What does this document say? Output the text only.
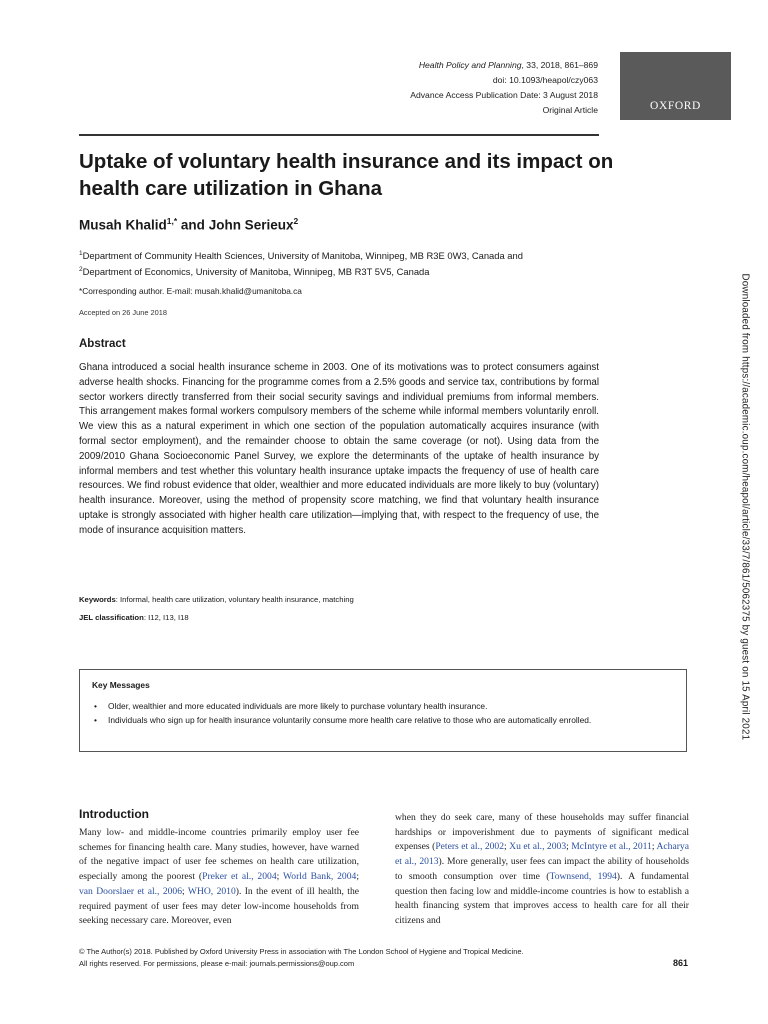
Health Policy and Planning, 33, 2018, 861–869
doi: 10.1093/heapol/czy063
Advance Access Publication Date: 3 August 2018
Original Article	OXFORD
Uptake of voluntary health insurance and its impact on health care utilization in Ghana
Musah Khalid$^{1,*}$ and John Serieux$^2$
$^1$Department of Community Health Sciences, University of Manitoba, Winnipeg, MB R3E 0W3, Canada and
$^2$Department of Economics, University of Manitoba, Winnipeg, MB R3T 5V5, Canada
*Corresponding author. E-mail: musah.khalid@umanitoba.ca
Accepted on 26 June 2018
Abstract
Ghana introduced a social health insurance scheme in 2003. One of its motivations was to protect consumers against adverse health shocks. Financing for the programme comes from a 2.5% goods and service tax, contributions by formal sector workers directly transferred from their social security savings and individual premiums from informal members. This arrangement makes formal workers compulsory members of the scheme while informal members voluntarily enroll. We view this as a natural experiment in which one section of the population automatically acquires insurance (with formal sector employment), and the remainder choose to obtain the same coverage (or not). Using data from the 2009/2010 Ghana Socioeconomic Panel Survey, we explore the determinants of the uptake of health insurance by informal members and test whether this voluntary health insurance uptake impacts the frequency of use of health care resources. We find robust evidence that older, wealthier and more educated individuals are more likely to buy (voluntary) health insurance. Moreover, using the method of propensity score matching, we find that voluntary health insurance uptake is strongly associated with higher health care utilization—implying that, with respect to the frequency of use, the mode of insurance acquisition matters.
Keywords: Informal, health care utilization, voluntary health insurance, matching
JEL classification: I12, I13, I18
Key Messages
• Older, wealthier and more educated individuals are more likely to purchase voluntary health insurance.
• Individuals who sign up for health insurance voluntarily consume more health care relative to those who are automatically enrolled.
Introduction
Many low- and middle-income countries primarily employ user fee schemes for financing health care. Many studies, however, have warned of the negative impact of user fee schemes on health care utilization, especially among the poorest (Preker et al., 2004; World Bank, 2004; van Doorslaer et al., 2006; WHO, 2010). In the event of ill health, the required payment of user fees may deter low-income households from seeking necessary care. Moreover, even
when they do seek care, many of these households may suffer financial hardships or impoverishment due to payments of significant medical expenses (Peters et al., 2002; Xu et al., 2003; McIntyre et al., 2011; Acharya et al., 2013). More generally, user fees can impact the ability of households to smooth consumption over time (Townsend, 1994). A fundamental question then facing low and middle-income countries is how to establish a health financing system that improves access to health care for all their citizens and
© The Author(s) 2018. Published by Oxford University Press in association with The London School of Hygiene and Tropical Medicine.
All rights reserved. For permissions, please e-mail: journals.permissions@oup.com	861
Downloaded from https://academic.oup.com/heapol/article/33/7/861/5062375 by guest on 15 April 2021
